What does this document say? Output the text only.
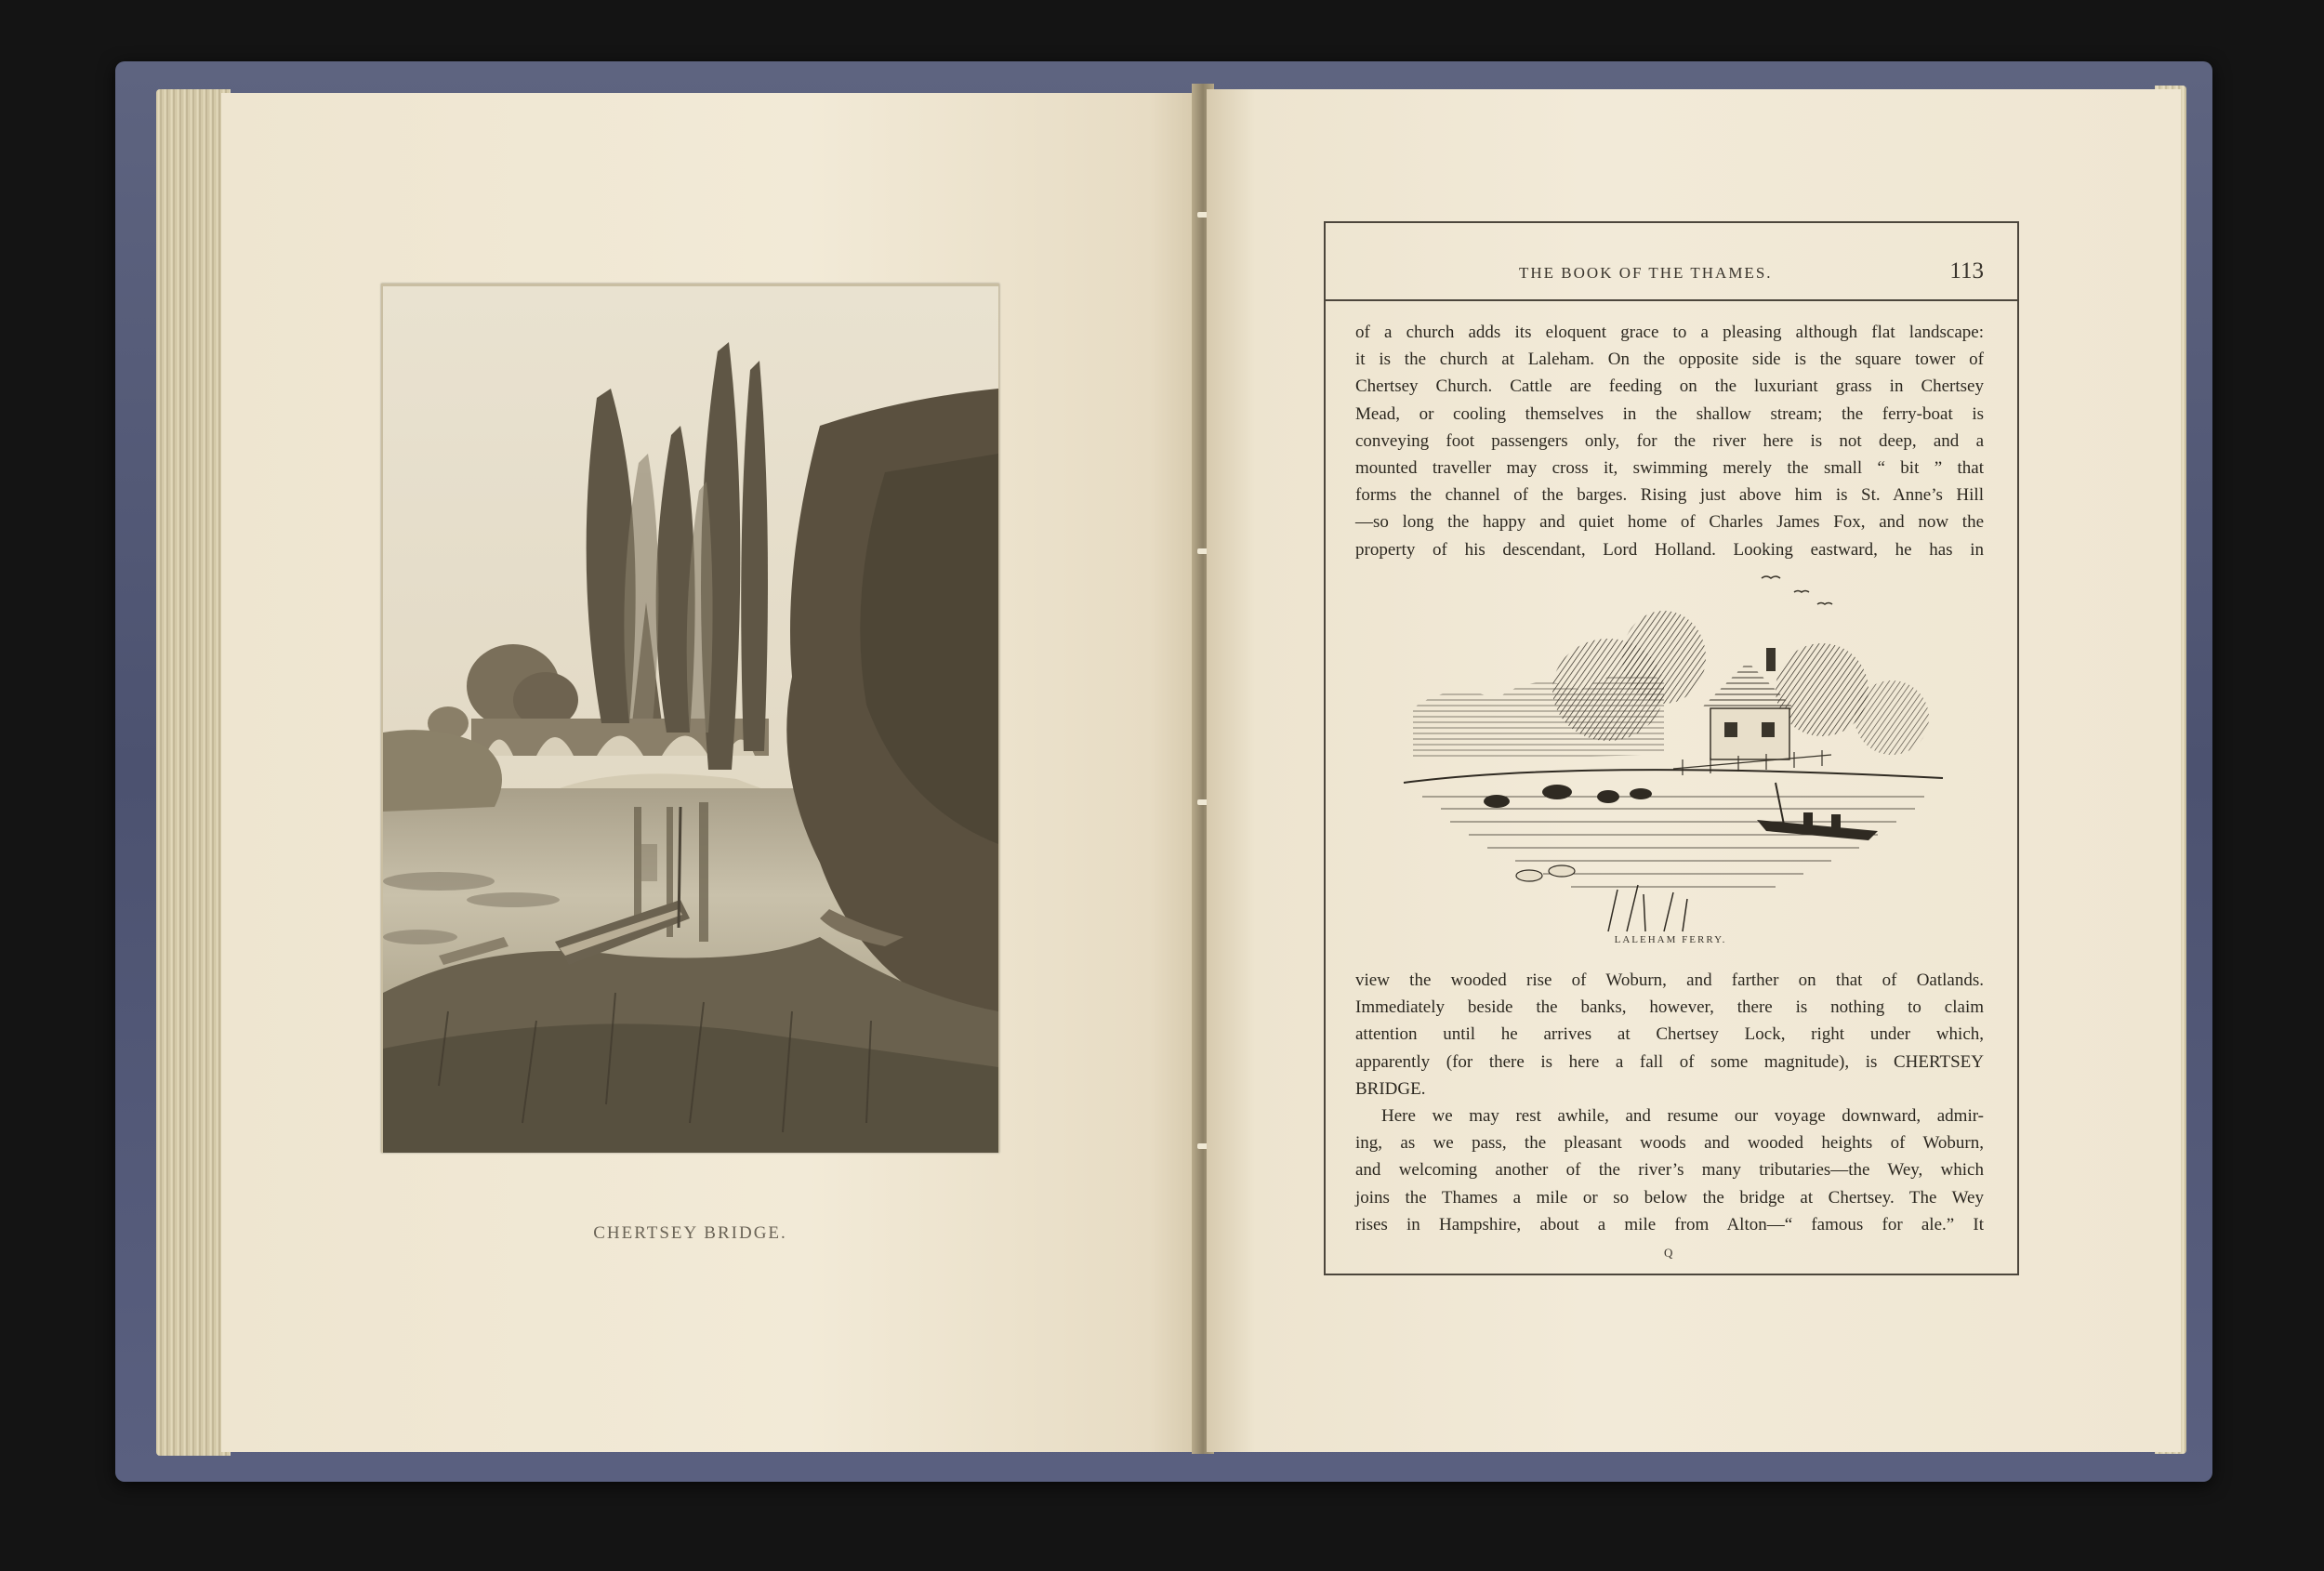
CHERTSEY BRIDGE.
THE BOOK OF THE THAMES.	113
of a church adds its eloquent grace to a pleasing although flat landscape:
it is the church at Laleham. On the opposite side is the square tower of
Chertsey Church. Cattle are feeding on the luxuriant grass in Chertsey
Mead, or cooling themselves in the shallow stream; the ferry-boat is
conveying foot passengers only, for the river here is not deep, and a
mounted traveller may cross it, swimming merely the small “ bit ” that
forms the channel of the barges. Rising just above him is St. Anne’s Hill
—so long the happy and quiet home of Charles James Fox, and now the
property of his descendant, Lord Holland. Looking eastward, he has in
LALEHAM FERRY.
view the wooded rise of Woburn, and farther on that of Oatlands.
Immediately beside the banks, however, there is nothing to claim
attention until he arrives at Chertsey Lock, right under which,
apparently (for there is here a fall of some magnitude), is CHERTSEY
BRIDGE.
Here we may rest awhile, and resume our voyage downward, admir-
ing, as we pass, the pleasant woods and wooded heights of Woburn,
and welcoming another of the river’s many tributaries—the Wey, which
joins the Thames a mile or so below the bridge at Chertsey. The Wey
rises in Hampshire, about a mile from Alton—“ famous for ale.” It
Q
